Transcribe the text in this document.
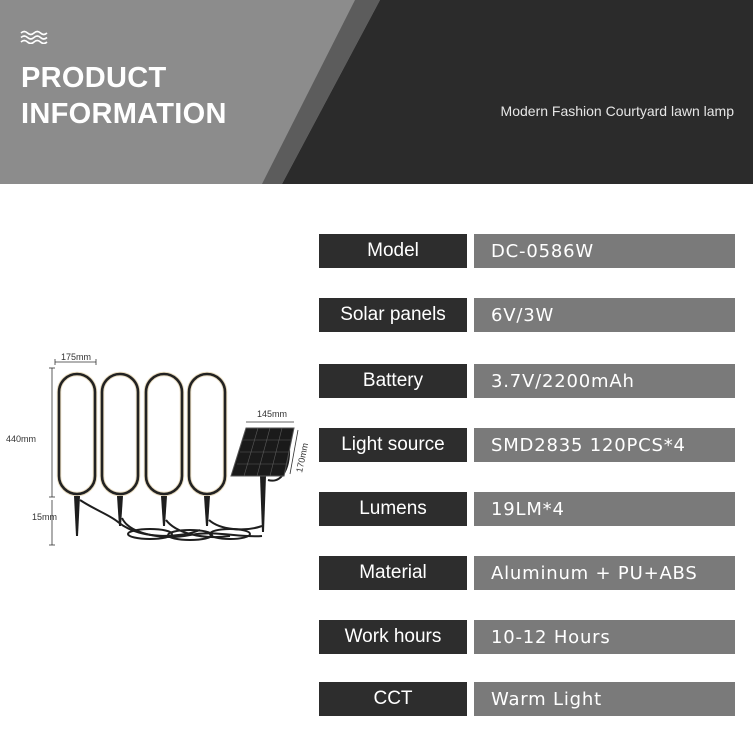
PRODUCT
INFORMATION	Modern Fashion Courtyard lawn lamp
175mm
440mm
15mm
145mm
170mm
Model	DC-0586W
Solar panels	6V/3W
Battery	3.7V/2200mAh
Light source	SMD2835 120PCS*4
Lumens	19LM*4
Material	Aluminum + PU+ABS
Work hours	10-12 Hours
CCT	Warm Light
